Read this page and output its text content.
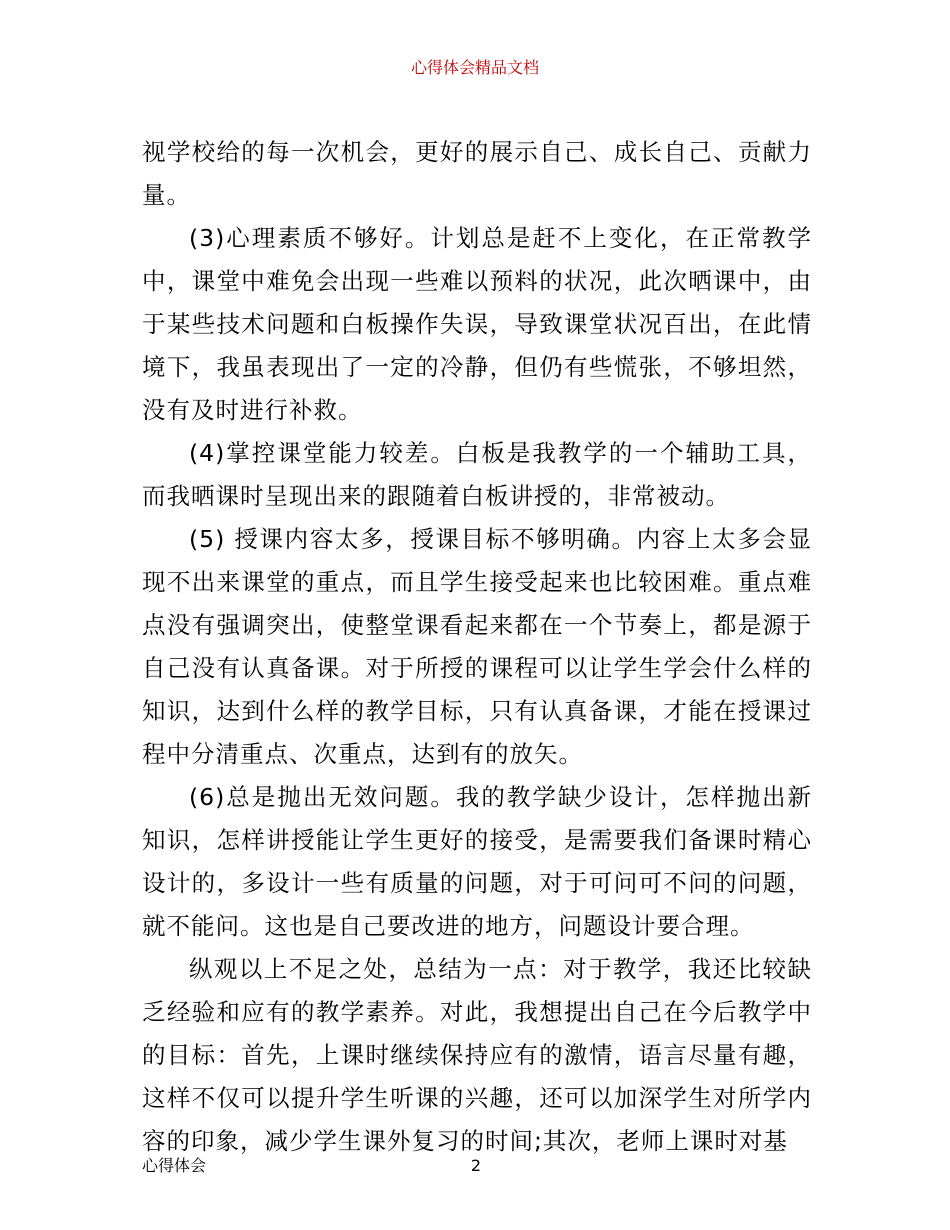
心得体会精品文档

视学校给的每一次机会，更好的展示自己、成长自己、贡献力量。

(3)心理素质不够好。计划总是赶不上变化，在正常教学中，课堂中难免会出现一些难以预料的状况，此次晒课中，由于某些技术问题和白板操作失误，导致课堂状况百出，在此情境下，我虽表现出了一定的冷静，但仍有些慌张，不够坦然，没有及时进行补救。

(4)掌控课堂能力较差。白板是我教学的一个辅助工具，而我晒课时呈现出来的跟随着白板讲授的，非常被动。

(5) 授课内容太多，授课目标不够明确。内容上太多会显现不出来课堂的重点，而且学生接受起来也比较困难。重点难点没有强调突出，使整堂课看起来都在一个节奏上，都是源于自己没有认真备课。对于所授的课程可以让学生学会什么样的知识，达到什么样的教学目标，只有认真备课，才能在授课过程中分清重点、次重点，达到有的放矢。

(6)总是抛出无效问题。我的教学缺少设计，怎样抛出新知识，怎样讲授能让学生更好的接受，是需要我们备课时精心设计的，多设计一些有质量的问题，对于可问可不问的问题，就不能问。这也是自己要改进的地方，问题设计要合理。

纵观以上不足之处，总结为一点：对于教学，我还比较缺乏经验和应有的教学素养。对此，我想提出自己在今后教学中的目标：首先，上课时继续保持应有的激情，语言尽量有趣，这样不仅可以提升学生听课的兴趣，还可以加深学生对所学内容的印象，减少学生课外复习的时间;其次，老师上课时对基

心得体会	2
